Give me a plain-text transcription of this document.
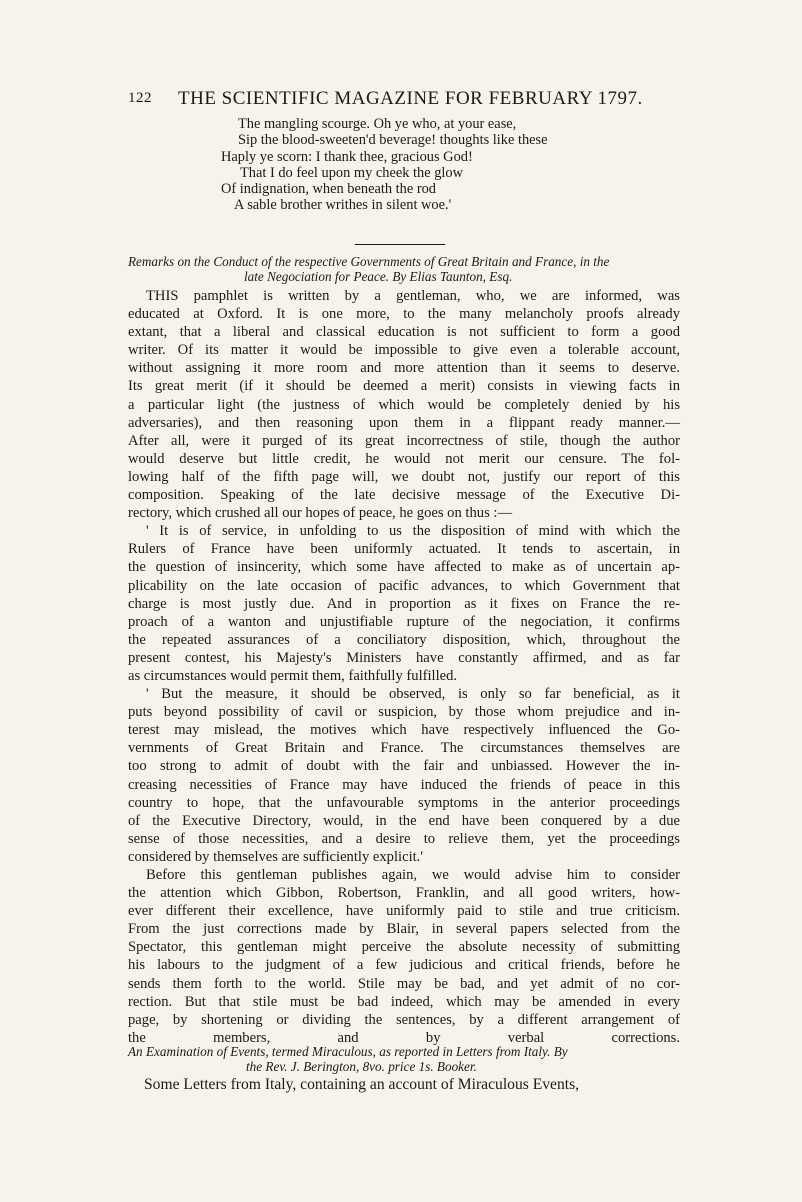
122 THE SCIENTIFIC MAGAZINE FOR FEBRUARY 1797.
The mangling scourge. Oh ye who, at your ease,
Sip the blood-sweeten'd beverage! thoughts like these
Haply ye scorn: I thank thee, gracious God!
That I do feel upon my cheek the glow
Of indignation, when beneath the rod
A sable brother writhes in silent woe.'
Remarks on the Conduct of the respective Governments of Great Britain and France, in the
late Negociation for Peace. By Elias Taunton, Esq.
THIS pamphlet is written by a gentleman, who, we are informed, was
educated at Oxford. It is one more, to the many melancholy proofs already
extant, that a liberal and classical education is not sufficient to form a good
writer. Of its matter it would be impossible to give even a tolerable account,
without assigning it more room and more attention than it seems to deserve.
Its great merit (if it should be deemed a merit) consists in viewing facts in
a particular light (the justness of which would be completely denied by his
adversaries), and then reasoning upon them in a flippant ready manner.—
After all, were it purged of its great incorrectness of stile, though the author
would deserve but little credit, he would not merit our censure. The fol-
lowing half of the fifth page will, we doubt not, justify our report of this
composition. Speaking of the late decisive message of the Executive Di-
rectory, which crushed all our hopes of peace, he goes on thus :—
' It is of service, in unfolding to us the disposition of mind with which the
Rulers of France have been uniformly actuated. It tends to ascertain, in
the question of insincerity, which some have affected to make as of uncertain ap-
plicability on the late occasion of pacific advances, to which Government that
charge is most justly due. And in proportion as it fixes on France the re-
proach of a wanton and unjustifiable rupture of the negociation, it confirms
the repeated assurances of a conciliatory disposition, which, throughout the
present contest, his Majesty's Ministers have constantly affirmed, and as far
as circumstances would permit them, faithfully fulfilled.
' But the measure, it should be observed, is only so far beneficial, as it
puts beyond possibility of cavil or suspicion, by those whom prejudice and in-
terest may mislead, the motives which have respectively influenced the Go-
vernments of Great Britain and France. The circumstances themselves are
too strong to admit of doubt with the fair and unbiassed. However the in-
creasing necessities of France may have induced the friends of peace in this
country to hope, that the unfavourable symptoms in the anterior proceedings
of the Executive Directory, would, in the end have been conquered by a due
sense of those necessities, and a desire to relieve them, yet the proceedings
considered by themselves are sufficiently explicit.'
Before this gentleman publishes again, we would advise him to consider
the attention which Gibbon, Robertson, Franklin, and all good writers, how-
ever different their excellence, have uniformly paid to stile and true criticism.
From the just corrections made by Blair, in several papers selected from the
Spectator, this gentleman might perceive the absolute necessity of submitting
his labours to the judgment of a few judicious and critical friends, before he
sends them forth to the world. Stile may be bad, and yet admit of no cor-
rection. But that stile must be bad indeed, which may be amended in every
page, by shortening or dividing the sentences, by a different arrangement of
the members, and by verbal corrections.
An Examination of Events, termed Miraculous, as reported in Letters from Italy. By
the Rev. J. Berington, 8vo. price 1s. Booker.
Some Letters from Italy, containing an account of Miraculous Events,
